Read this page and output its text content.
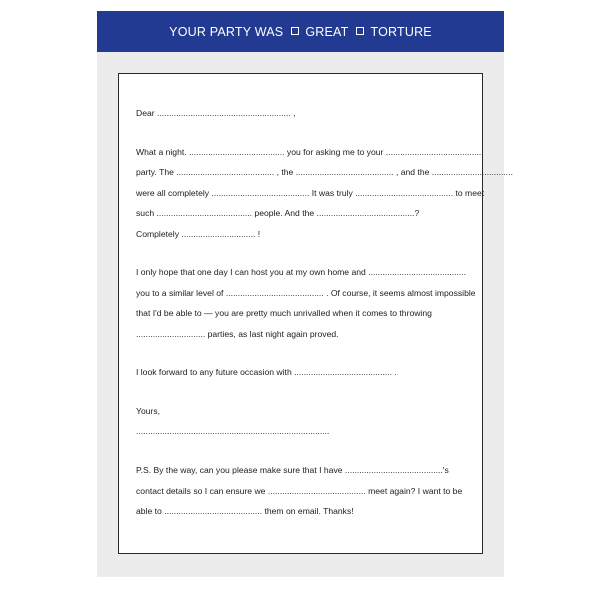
YOUR PARTY WAS GREAT TORTURE
Dear ........................................................ ,
What a night. ........................................ you for asking me to your .........................................
party. The ......................................... , the ......................................... , and the ..................................
were all completely ......................................... It was truly ......................................... to meet
such ........................................ people. And the .........................................?
Completely ............................... !
I only hope that one day I can host you at my own home and .........................................
you to a similar level of ......................................... . Of course, it seems almost impossible
that I'd be able to — you are pretty much unrivalled when it comes to throwing
............................. parties, as last night again proved.
I look forward to any future occasion with ......................................... .
Yours,
.................................................................................
P.S. By the way, can you please make sure that I have .........................................'s
contact details so I can ensure we ......................................... meet again? I want to be
able to ......................................... them on email. Thanks!
